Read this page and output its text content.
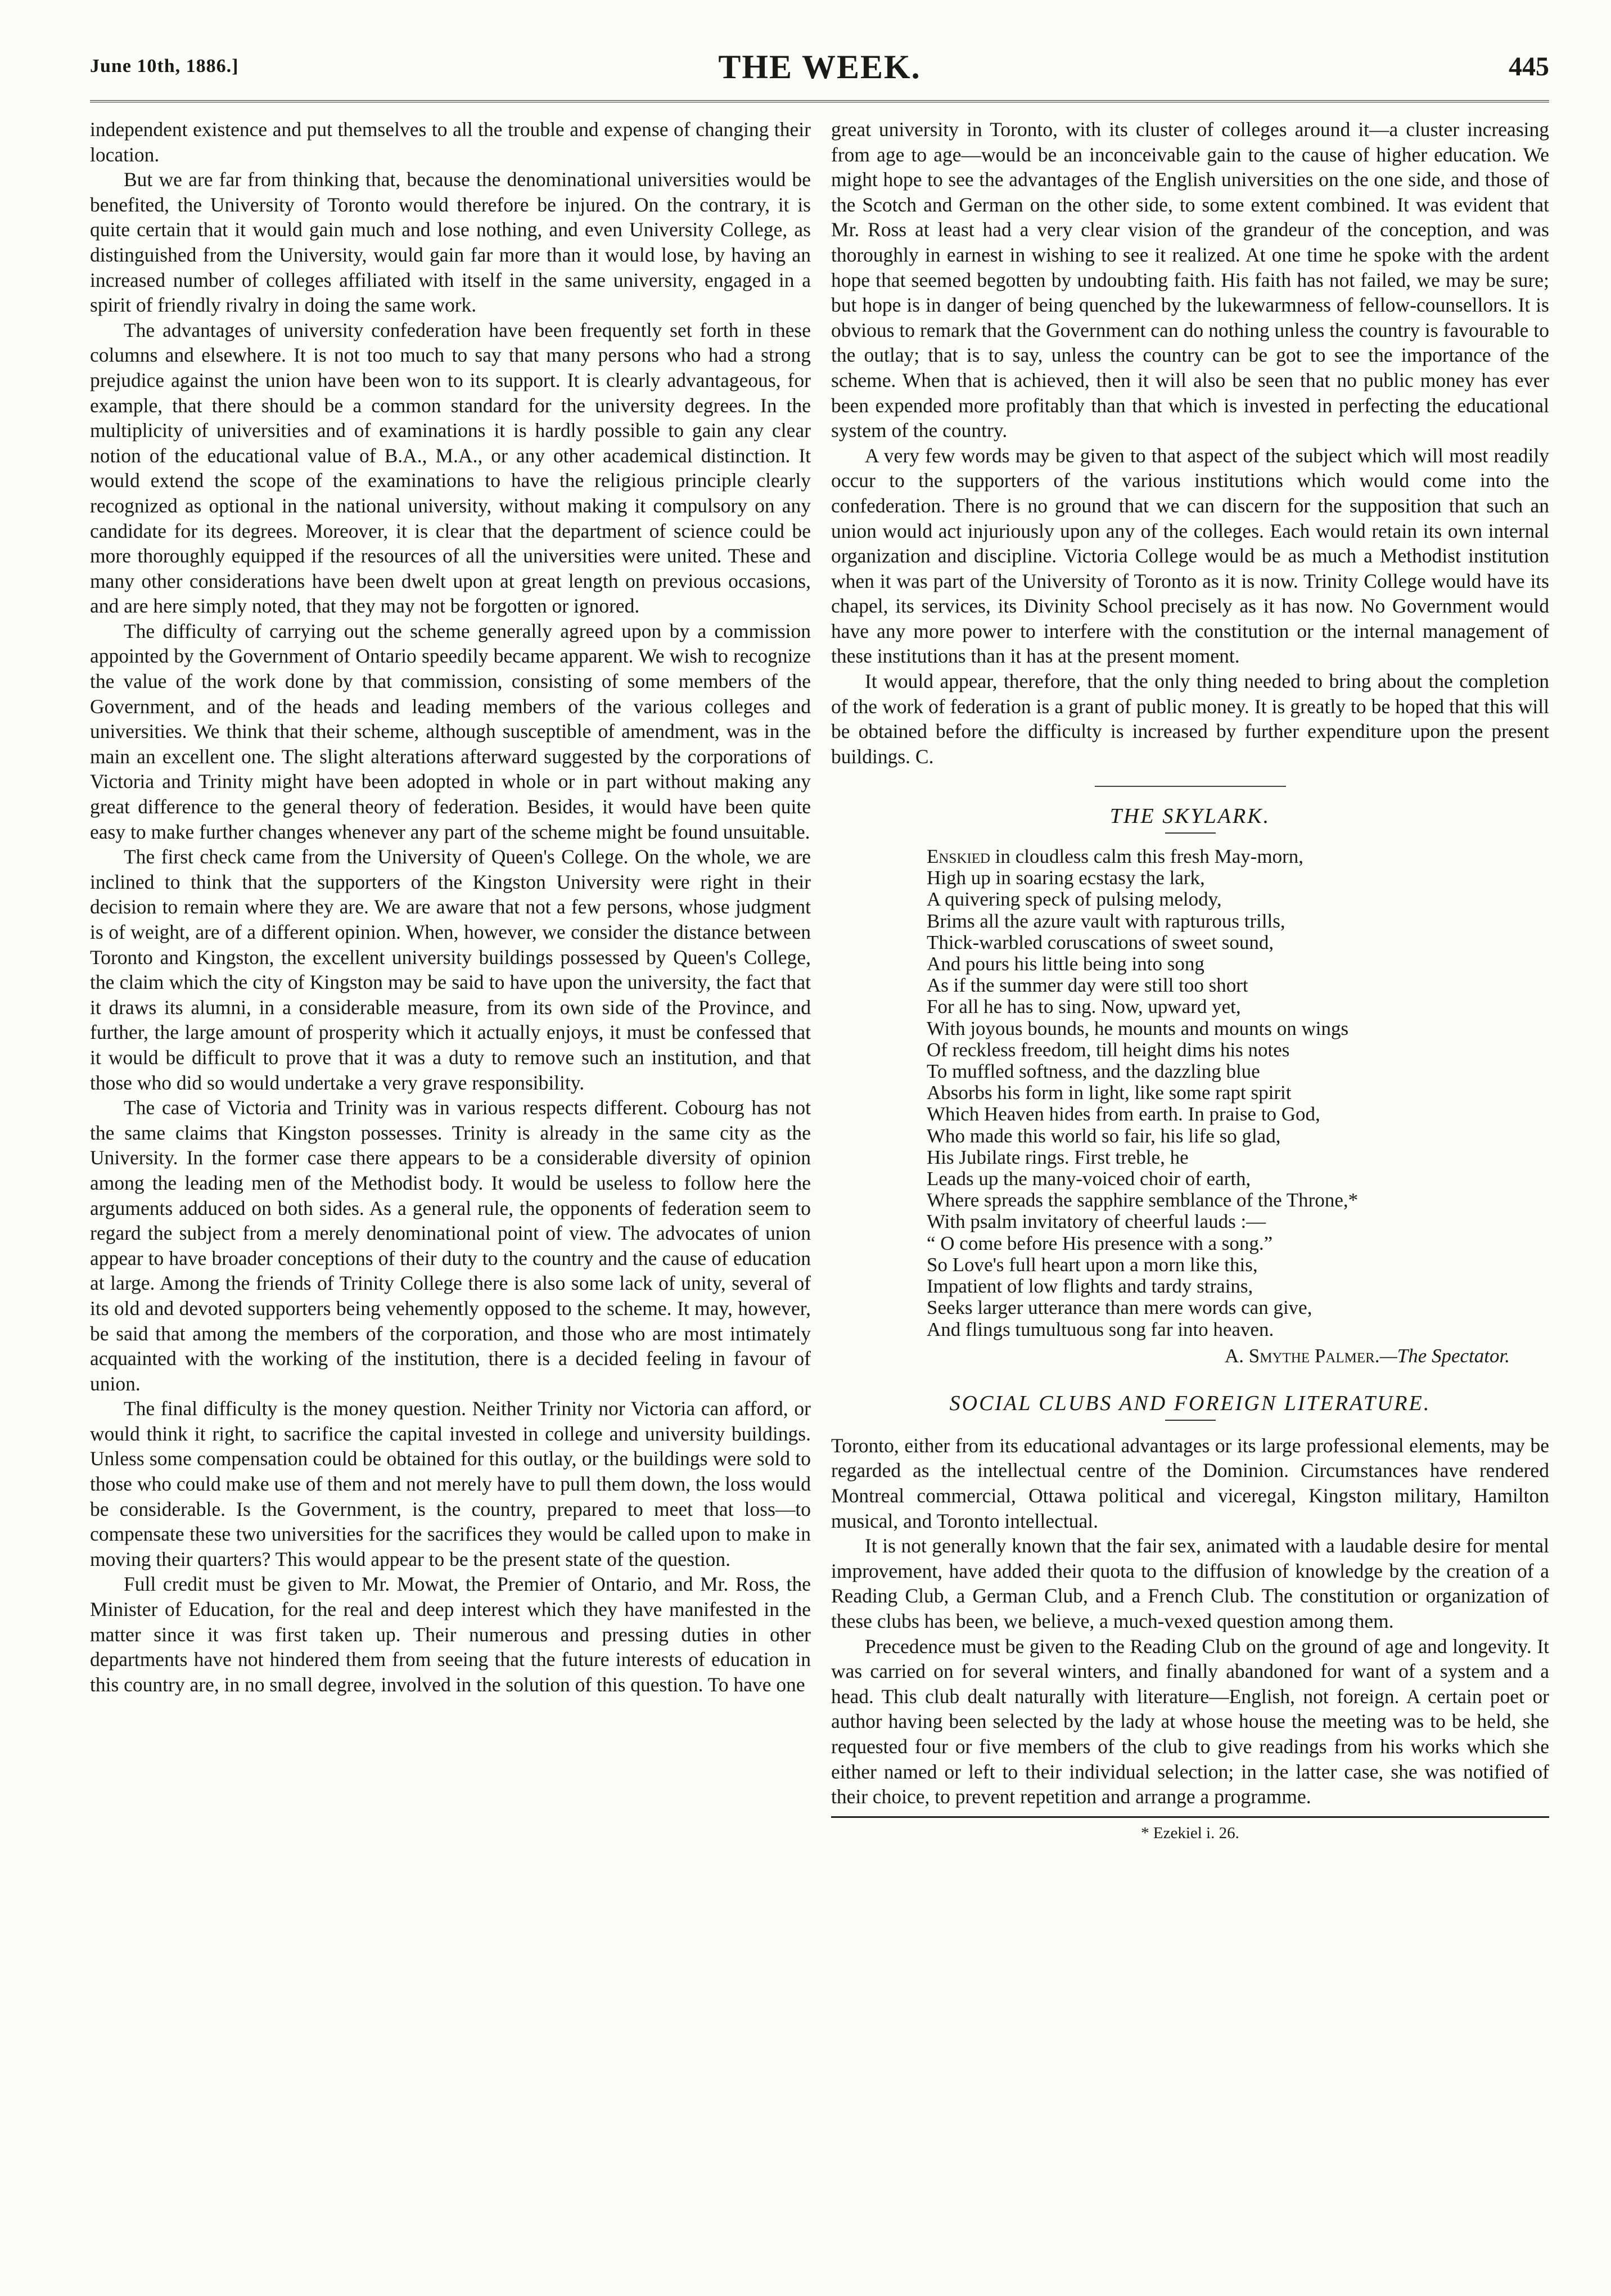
June 10th, 1886.]	THE WEEK.	445

independent existence and put themselves to all the trouble and expense of changing their location.

But we are far from thinking that, because the denominational universities would be benefited, the University of Toronto would therefore be injured. On the contrary, it is quite certain that it would gain much and lose nothing, and even University College, as distinguished from the University, would gain far more than it would lose, by having an increased number of colleges affiliated with itself in the same university, engaged in a spirit of friendly rivalry in doing the same work.

The advantages of university confederation have been frequently set forth in these columns and elsewhere. It is not too much to say that many persons who had a strong prejudice against the union have been won to its support. It is clearly advantageous, for example, that there should be a common standard for the university degrees. In the multiplicity of universities and of examinations it is hardly possible to gain any clear notion of the educational value of B.A., M.A., or any other academical distinction. It would extend the scope of the examinations to have the religious principle clearly recognized as optional in the national university, without making it compulsory on any candidate for its degrees. Moreover, it is clear that the department of science could be more thoroughly equipped if the resources of all the universities were united. These and many other considerations have been dwelt upon at great length on previous occasions, and are here simply noted, that they may not be forgotten or ignored.

The difficulty of carrying out the scheme generally agreed upon by a commission appointed by the Government of Ontario speedily became apparent. We wish to recognize the value of the work done by that commission, consisting of some members of the Government, and of the heads and leading members of the various colleges and universities. We think that their scheme, although susceptible of amendment, was in the main an excellent one. The slight alterations afterward suggested by the corporations of Victoria and Trinity might have been adopted in whole or in part without making any great difference to the general theory of federation. Besides, it would have been quite easy to make further changes whenever any part of the scheme might be found unsuitable.

The first check came from the University of Queen's College. On the whole, we are inclined to think that the supporters of the Kingston University were right in their decision to remain where they are. We are aware that not a few persons, whose judgment is of weight, are of a different opinion. When, however, we consider the distance between Toronto and Kingston, the excellent university buildings possessed by Queen's College, the claim which the city of Kingston may be said to have upon the university, the fact that it draws its alumni, in a considerable measure, from its own side of the Province, and further, the large amount of prosperity which it actually enjoys, it must be confessed that it would be difficult to prove that it was a duty to remove such an institution, and that those who did so would undertake a very grave responsibility.

The case of Victoria and Trinity was in various respects different. Cobourg has not the same claims that Kingston possesses. Trinity is already in the same city as the University. In the former case there appears to be a considerable diversity of opinion among the leading men of the Methodist body. It would be useless to follow here the arguments adduced on both sides. As a general rule, the opponents of federation seem to regard the subject from a merely denominational point of view. The advocates of union appear to have broader conceptions of their duty to the country and the cause of education at large. Among the friends of Trinity College there is also some lack of unity, several of its old and devoted supporters being vehemently opposed to the scheme. It may, however, be said that among the members of the corporation, and those who are most intimately acquainted with the working of the institution, there is a decided feeling in favour of union.

The final difficulty is the money question. Neither Trinity nor Victoria can afford, or would think it right, to sacrifice the capital invested in college and university buildings. Unless some compensation could be obtained for this outlay, or the buildings were sold to those who could make use of them and not merely have to pull them down, the loss would be considerable. Is the Government, is the country, prepared to meet that loss—to compensate these two universities for the sacrifices they would be called upon to make in moving their quarters? This would appear to be the present state of the question.

Full credit must be given to Mr. Mowat, the Premier of Ontario, and Mr. Ross, the Minister of Education, for the real and deep interest which they have manifested in the matter since it was first taken up. Their numerous and pressing duties in other departments have not hindered them from seeing that the future interests of education in this country are, in no small degree, involved in the solution of this question. To have one

great university in Toronto, with its cluster of colleges around it—a cluster increasing from age to age—would be an inconceivable gain to the cause of higher education. We might hope to see the advantages of the English universities on the one side, and those of the Scotch and German on the other side, to some extent combined. It was evident that Mr. Ross at least had a very clear vision of the grandeur of the conception, and was thoroughly in earnest in wishing to see it realized. At one time he spoke with the ardent hope that seemed begotten by undoubting faith. His faith has not failed, we may be sure; but hope is in danger of being quenched by the lukewarmness of fellow-counsellors. It is obvious to remark that the Government can do nothing unless the country is favourable to the outlay; that is to say, unless the country can be got to see the importance of the scheme. When that is achieved, then it will also be seen that no public money has ever been expended more profitably than that which is invested in perfecting the educational system of the country.

A very few words may be given to that aspect of the subject which will most readily occur to the supporters of the various institutions which would come into the confederation. There is no ground that we can discern for the supposition that such an union would act injuriously upon any of the colleges. Each would retain its own internal organization and discipline. Victoria College would be as much a Methodist institution when it was part of the University of Toronto as it is now. Trinity College would have its chapel, its services, its Divinity School precisely as it has now. No Government would have any more power to interfere with the constitution or the internal management of these institutions than it has at the present moment.

It would appear, therefore, that the only thing needed to bring about the completion of the work of federation is a grant of public money. It is greatly to be hoped that this will be obtained before the difficulty is increased by further expenditure upon the present buildings. C.

THE SKYLARK.
Enskied in cloudless calm this fresh May-morn,
High up in soaring ecstasy the lark,
A quivering speck of pulsing melody,
Brims all the azure vault with rapturous trills,
Thick-warbled coruscations of sweet sound,
And pours his little being into song
As if the summer day were still too short
For all he has to sing. Now, upward yet,
With joyous bounds, he mounts and mounts on wings
Of reckless freedom, till height dims his notes
To muffled softness, and the dazzling blue
Absorbs his form in light, like some rapt spirit
Which Heaven hides from earth. In praise to God,
Who made this world so fair, his life so glad,
His Jubilate rings. First treble, he
Leads up the many-voiced choir of earth,
Where spreads the sapphire semblance of the Throne,*
With psalm invitatory of cheerful lauds :—
“ O come before His presence with a song.”
So Love's full heart upon a morn like this,
Impatient of low flights and tardy strains,
Seeks larger utterance than mere words can give,
And flings tumultuous song far into heaven.
A. Smythe Palmer.—The Spectator.
SOCIAL CLUBS AND FOREIGN LITERATURE.

Toronto, either from its educational advantages or its large professional elements, may be regarded as the intellectual centre of the Dominion. Circumstances have rendered Montreal commercial, Ottawa political and viceregal, Kingston military, Hamilton musical, and Toronto intellectual.

It is not generally known that the fair sex, animated with a laudable desire for mental improvement, have added their quota to the diffusion of knowledge by the creation of a Reading Club, a German Club, and a French Club. The constitution or organization of these clubs has been, we believe, a much-vexed question among them.

Precedence must be given to the Reading Club on the ground of age and longevity. It was carried on for several winters, and finally abandoned for want of a system and a head. This club dealt naturally with literature—English, not foreign. A certain poet or author having been selected by the lady at whose house the meeting was to be held, she requested four or five members of the club to give readings from his works which she either named or left to their individual selection; in the latter case, she was notified of their choice, to prevent repetition and arrange a programme.

* Ezekiel i. 26.
